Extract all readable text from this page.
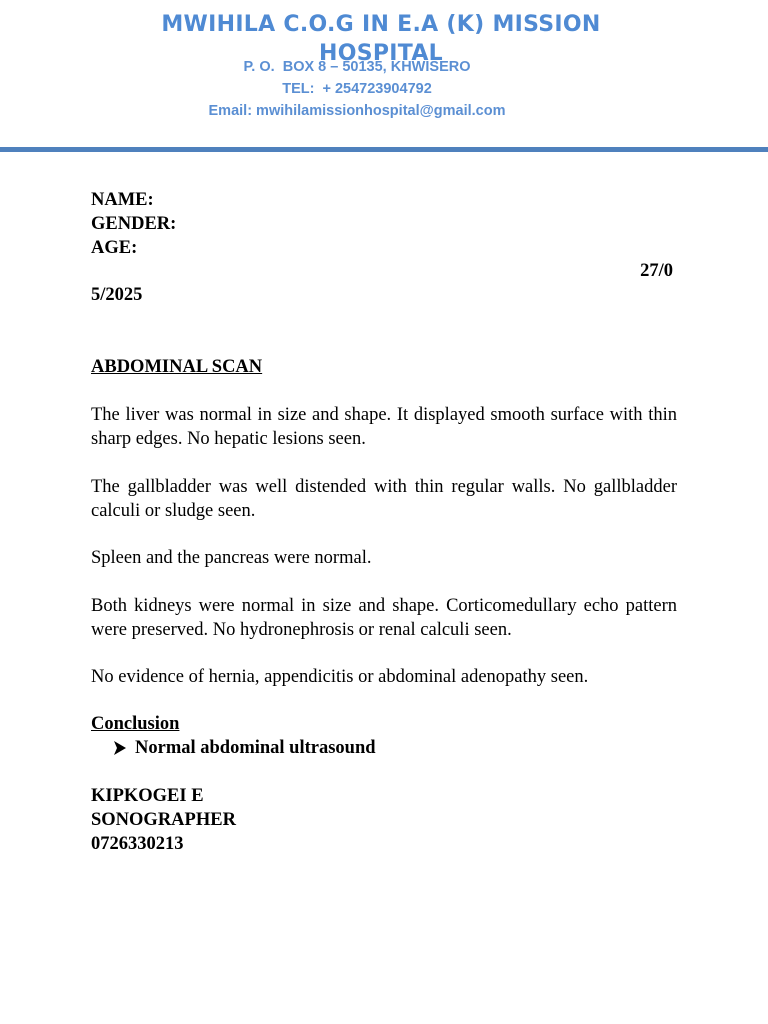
MWIHILA C.O.G IN E.A (K) MISSION HOSPITAL
P. O.  BOX 8 – 50135, KHWISERO
TEL:  + 254723904792
Email: mwihilamissionhospital@gmail.com
NAME:
GENDER:
AGE:
27/0
5/2025
ABDOMINAL SCAN
The liver was normal in size and shape. It displayed smooth surface with thin sharp edges. No hepatic lesions seen.
The gallbladder was well distended with thin regular walls. No gallbladder calculi or sludge seen.
Spleen and the pancreas were normal.
Both kidneys were normal in size and shape. Corticomedullary echo pattern were preserved. No hydronephrosis or renal calculi seen.
No evidence of hernia, appendicitis or abdominal adenopathy seen.
Conclusion
Normal abdominal ultrasound
KIPKOGEI E
SONOGRAPHER
0726330213
